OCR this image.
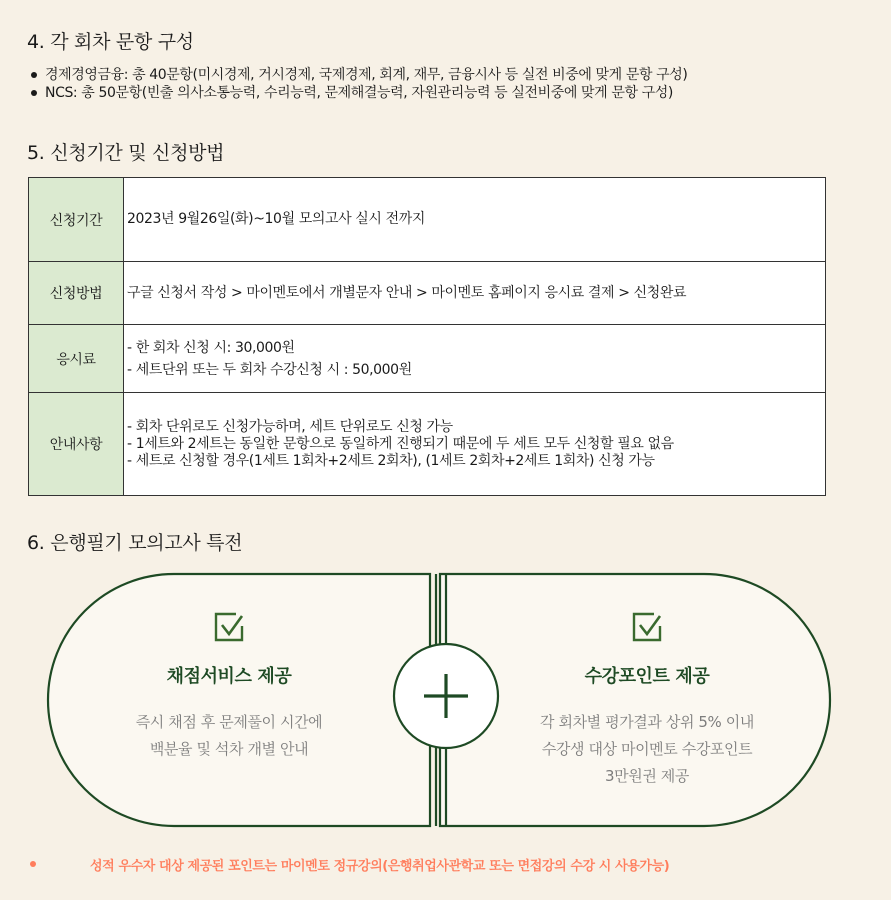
4. 각 회차 문항 구성
경제경영금융: 총 40문항(미시경제, 거시경제, 국제경제, 회계, 재무, 금융시사 등 실전 비중에 맞게 문항 구성)
NCS: 총 50문항(빈출 의사소통능력, 수리능력, 문제해결능력, 자원관리능력 등 실전비중에 맞게 문항 구성)
5. 신청기간 및 신청방법
신청기간	2023년 9월26일(화)~10월 모의고사 실시 전까지

신청방법	구글 신청서 작성 > 마이멘토에서 개별문자 안내 > 마이멘토 홈페이지 응시료 결제 > 신청완료

응시료	- 한 회차 신청 시: 30,000원
- 세트단위 또는 두 회차 수강신청 시 : 50,000원

안내사항	- 회차 단위로도 신청가능하며, 세트 단위로도 신청 가능
- 1세트와 2세트는 동일한 문항으로 동일하게 진행되기 때문에 두 세트 모두 신청할 필요 없음
- 세트로 신청할 경우(1세트 1회차+2세트 2회차), (1세트 2회차+2세트 1회차) 신청 가능
6. 은행필기 모의고사 특전
채점서비스 제공
즉시 채점 후 문제풀이 시간에
백분율 및 석차 개별 안내
수강포인트 제공
각 회차별 평가결과 상위 5% 이내
수강생 대상 마이멘토 수강포인트
3만원권 제공
성적 우수자 대상 제공된 포인트는 마이멘토 정규강의(은행취업사관학교 또는 면접강의 수강 시 사용가능)
